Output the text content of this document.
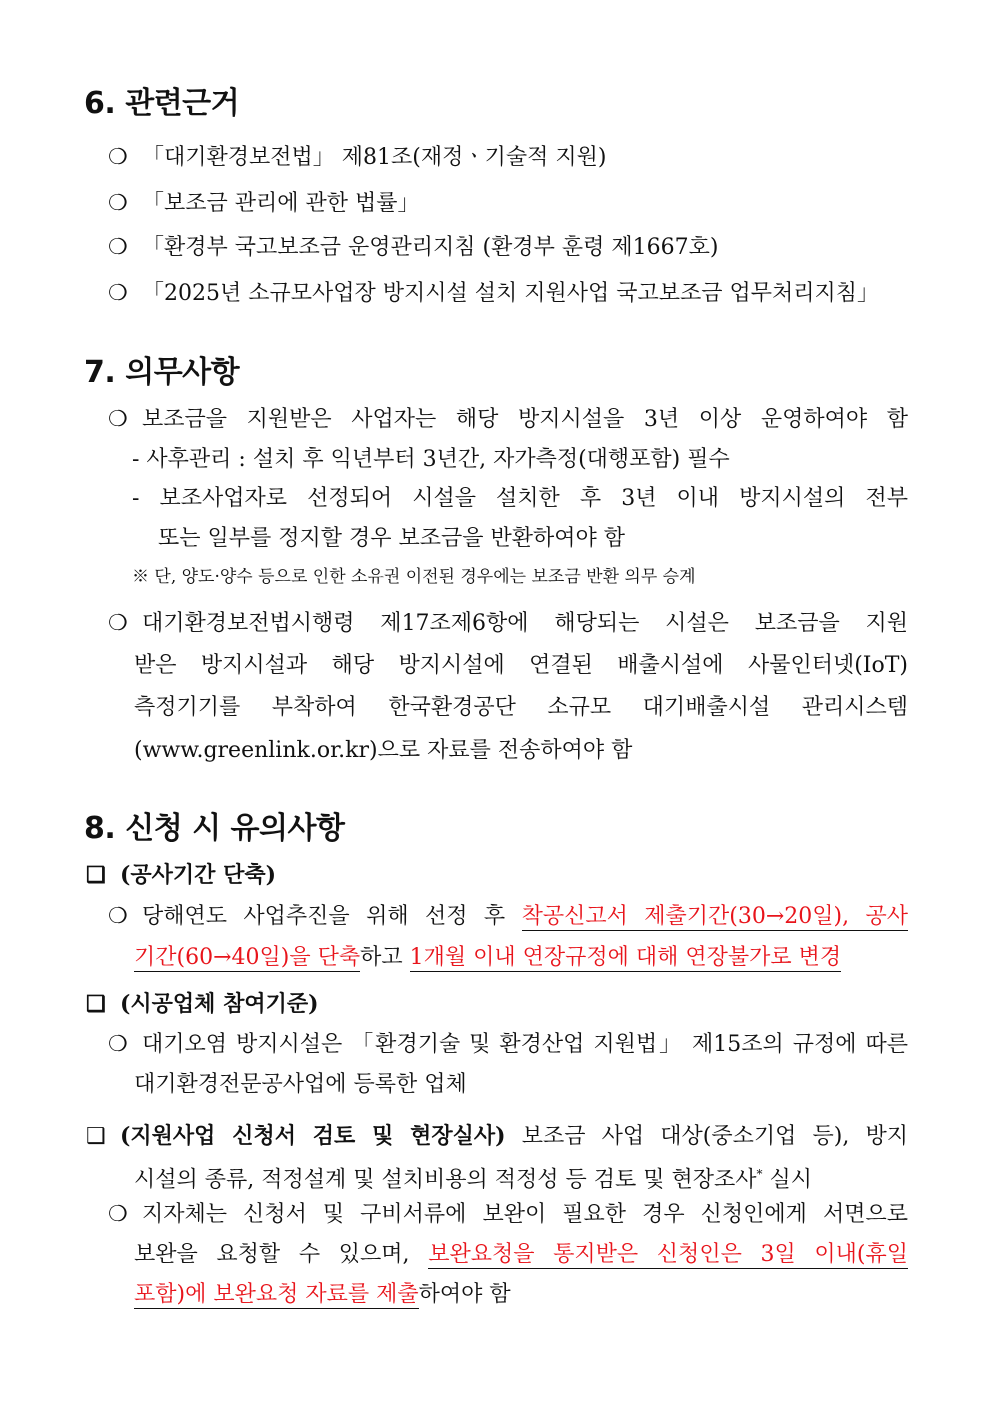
6. 관련근거
❍ 「대기환경보전법」 제81조(재정ㆍ기술적 지원)
❍ 「보조금 관리에 관한 법률」
❍ 「환경부 국고보조금 운영관리지침 (환경부 훈령 제1667호)
❍ 「2025년 소규모사업장 방지시설 설치 지원사업 국고보조금 업무처리지침」
7. 의무사항
❍ 보조금을 지원받은 사업자는 해당 방지시설을 3년 이상 운영하여야 함
- 사후관리 : 설치 후 익년부터 3년간, 자가측정(대행포함) 필수
- 보조사업자로 선정되어 시설을 설치한 후 3년 이내 방지시설의 전부
또는 일부를 정지할 경우 보조금을 반환하여야 함
※ 단, 양도·양수 등으로 인한 소유권 이전된 경우에는 보조금 반환 의무 승계
❍ 대기환경보전법시행령 제17조제6항에 해당되는 시설은 보조금을 지원
받은 방지시설과 해당 방지시설에 연결된 배출시설에 사물인터넷(IoT)
측정기기를 부착하여 한국환경공단 소규모 대기배출시설 관리시스템
(www.greenlink.or.kr)으로 자료를 전송하여야 함
8. 신청 시 유의사항
❑ (공사기간 단축)
❍ 당해연도 사업추진을 위해 선정 후 착공신고서 제출기간(30→20일), 공사
기간(60→40일)을 단축하고 1개월 이내 연장규정에 대해 연장불가로 변경
❑ (시공업체 참여기준)
❍ 대기오염 방지시설은 「환경기술 및 환경산업 지원법」 제15조의 규정에 따른
대기환경전문공사업에 등록한 업체
❑ (지원사업 신청서 검토 및 현장실사) 보조금 사업 대상(중소기업 등), 방지
시설의 종류, 적정설계 및 설치비용의 적정성 등 검토 및 현장조사* 실시
❍ 지자체는 신청서 및 구비서류에 보완이 필요한 경우 신청인에게 서면으로
보완을 요청할 수 있으며, 보완요청을 통지받은 신청인은 3일 이내(휴일
포함)에 보완요청 자료를 제출하여야 함
